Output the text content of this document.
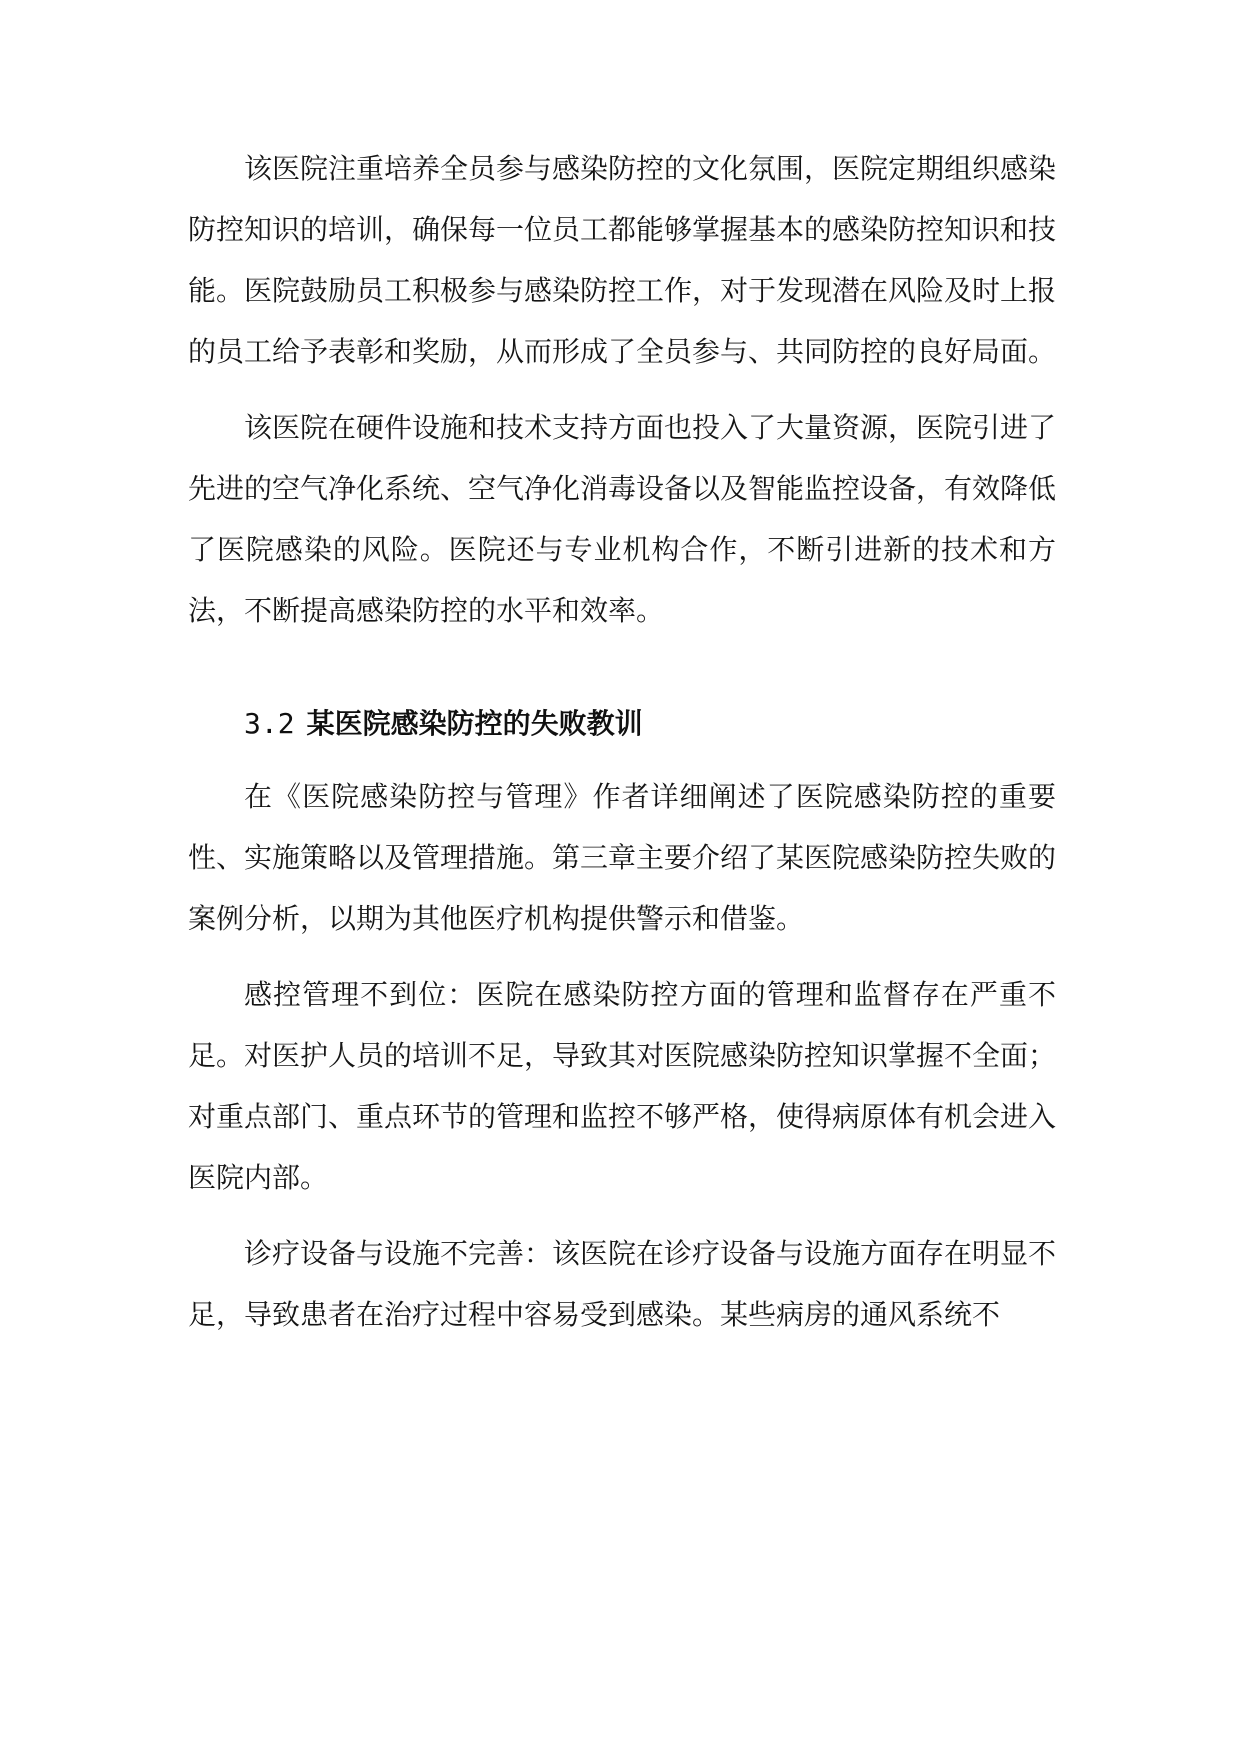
该医院注重培养全员参与感染防控的文化氛围，医院定期组织感染防控知识的培训，确保每一位员工都能够掌握基本的感染防控知识和技能。医院鼓励员工积极参与感染防控工作，对于发现潜在风险及时上报的员工给予表彰和奖励，从而形成了全员参与、共同防控的良好局面。

该医院在硬件设施和技术支持方面也投入了大量资源，医院引进了先进的空气净化系统、空气净化消毒设备以及智能监控设备，有效降低了医院感染的风险。医院还与专业机构合作，不断引进新的技术和方法，不断提高感染防控的水平和效率。

3.2 某医院感染防控的失败教训

在《医院感染防控与管理》作者详细阐述了医院感染防控的重要性、实施策略以及管理措施。第三章主要介绍了某医院感染防控失败的案例分析，以期为其他医疗机构提供警示和借鉴。

感控管理不到位：医院在感染防控方面的管理和监督存在严重不足。对医护人员的培训不足，导致其对医院感染防控知识掌握不全面；对重点部门、重点环节的管理和监控不够严格，使得病原体有机会进入医院内部。

诊疗设备与设施不完善：该医院在诊疗设备与设施方面存在明显不足，导致患者在治疗过程中容易受到感染。某些病房的通风系统不
